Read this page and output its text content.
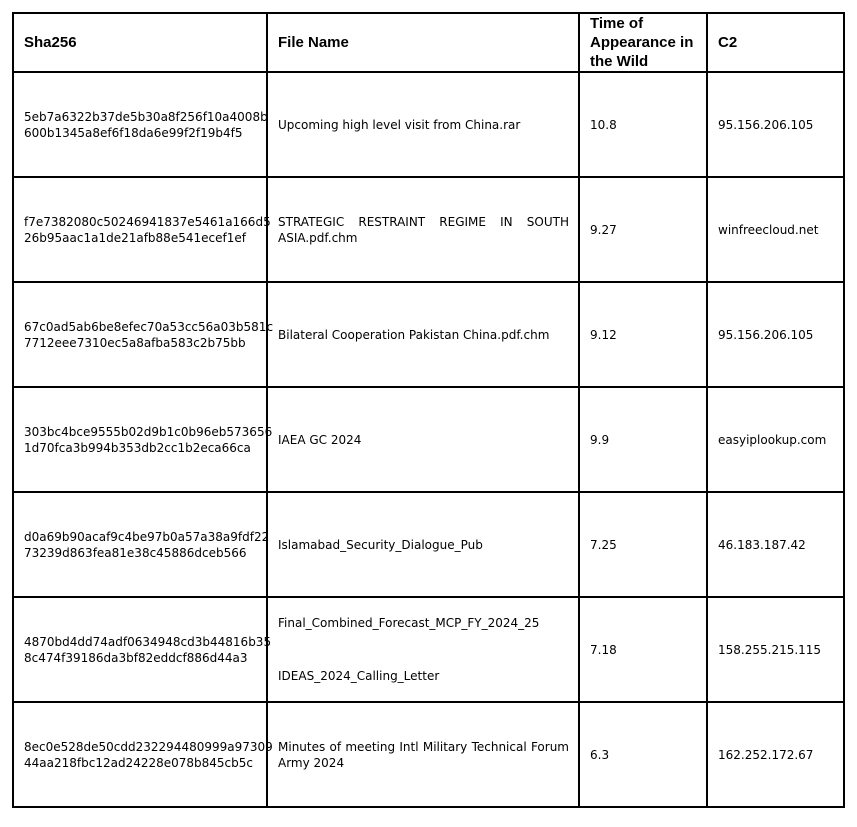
Sha256	File Name	Time of Appearance in the Wild	C2

5eb7a6322b37de5b30a8f256f10a4008b
600b1345a8ef6f18da6e99f2f19b4f5	Upcoming high level visit from China.rar	10.8	95.156.206.105

f7e7382080c50246941837e5461a166d5
26b95aac1a1de21afb88e541ecef1ef	STRATEGIC RESTRAINT REGIME IN SOUTH ASIA.pdf.chm	9.27	winfreecloud.net

67c0ad5ab6be8efec70a53cc56a03b581c
7712eee7310ec5a8afba583c2b75bb	Bilateral Cooperation Pakistan China.pdf.chm	9.12	95.156.206.105

303bc4bce9555b02d9b1c0b96eb573656
1d70fca3b994b353db2cc1b2eca66ca	IAEA GC 2024	9.9	easyiplookup.com

d0a69b90acaf9c4be97b0a57a38a9fdf22
73239d863fea81e38c45886dceb566	Islamabad_Security_Dialogue_Pub	7.25	46.183.187.42

4870bd4dd74adf0634948cd3b44816b35
8c474f39186da3bf82eddcf886d44a3	Final_Combined_Forecast_MCP_FY_2024_25
IDEAS_2024_Calling_Letter	7.18	158.255.215.115

8ec0e528de50cdd232294480999a97309
44aa218fbc12ad24228e078b845cb5c	Minutes of meeting Intl Military Technical Forum Army 2024	6.3	162.252.172.67
